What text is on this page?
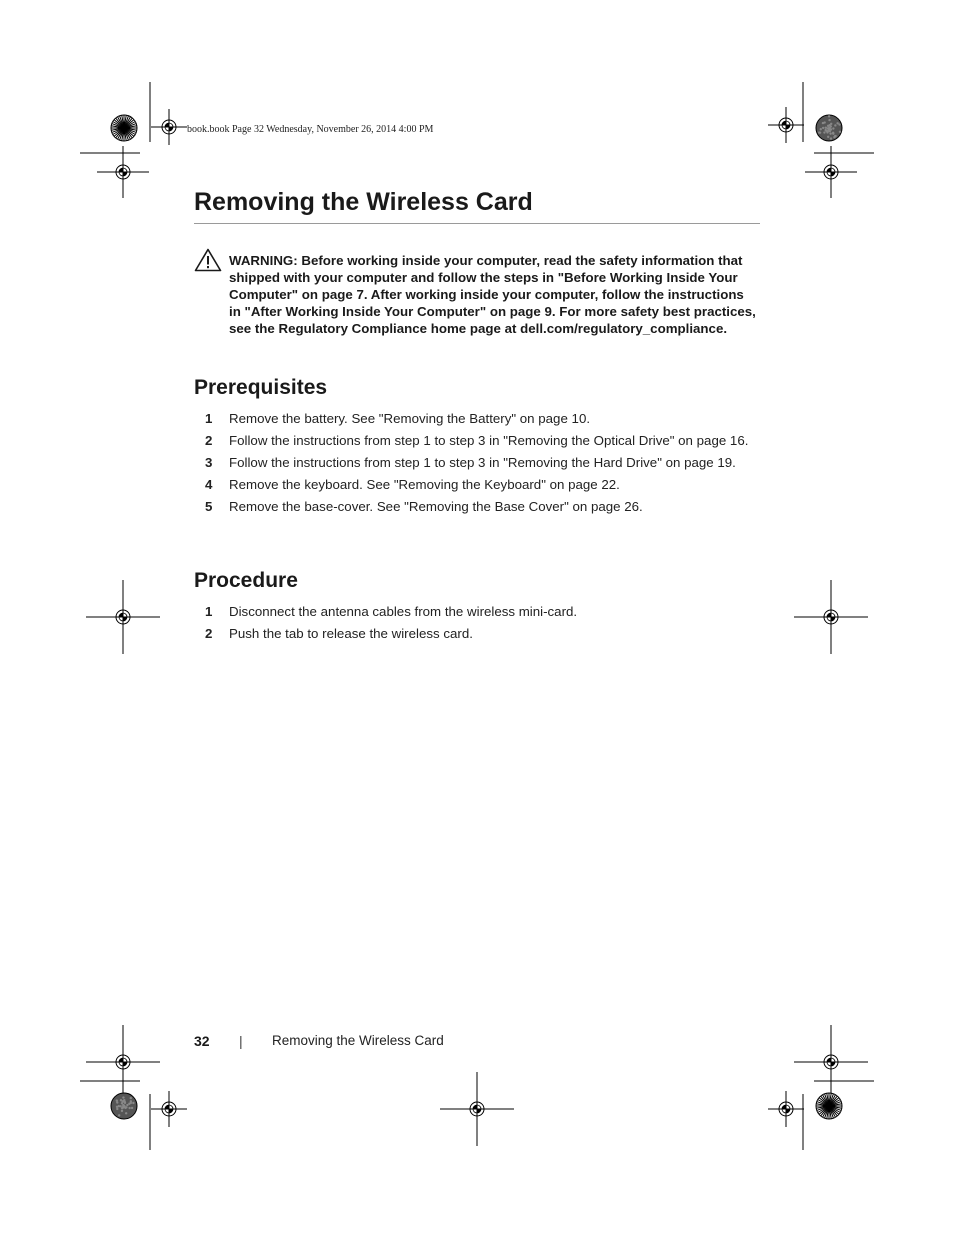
book.book Page 32 Wednesday, November 26, 2014 4:00 PM
Removing the Wireless Card

WARNING: Before working inside your computer, read the safety information that shipped with your computer and follow the steps in "Before Working Inside Your Computer" on page 7. After working inside your computer, follow the instructions in "After Working Inside Your Computer" on page 9. For more safety best practices, see the Regulatory Compliance home page at dell.com/regulatory_compliance.

Prerequisites
1 Remove the battery. See "Removing the Battery" on page 10.
2 Follow the instructions from step 1 to step 3 in "Removing the Optical Drive" on page 16.
3 Follow the instructions from step 1 to step 3 in "Removing the Hard Drive" on page 19.
4 Remove the keyboard. See "Removing the Keyboard" on page 22.
5 Remove the base-cover. See "Removing the Base Cover" on page 26.
Procedure
1 Disconnect the antenna cables from the wireless mini-card.
2 Push the tab to release the wireless card.
32 | Removing the Wireless Card
